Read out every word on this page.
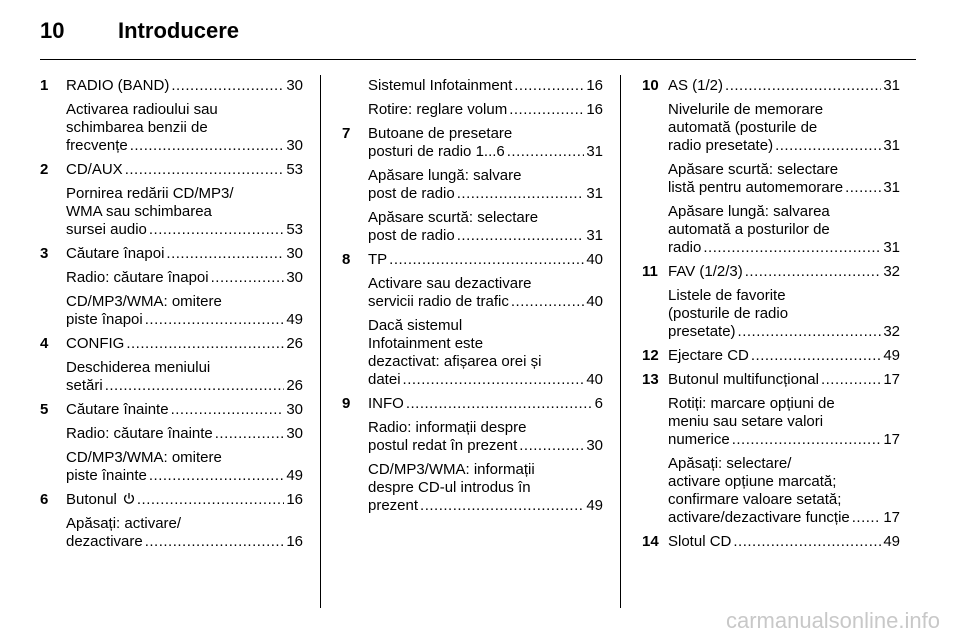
10 Introducere
1	RADIO (BAND) .....	30
Activarea radioului sau
schimbarea benzii de
frecvențe .....	30
2	CD/AUX .....	53
Pornirea redării CD/MP3/
WMA sau schimbarea
sursei audio .....	53
3	Căutare înapoi .....	30
Radio: căutare înapoi .....	30
CD/MP3/WMA: omitere
piste înapoi .....	49
4	CONFIG .....	26
Deschiderea meniului
setări .....	26
5	Căutare înainte .....	30
Radio: căutare înainte .....	30
CD/MP3/WMA: omitere
piste înainte .....	49
6	Butonul .....	16
Apăsați: activare/
dezactivare .....	16
Sistemul Infotainment .....	16
Rotire: reglare volum .....	16
7	Butoane de presetare
posturi de radio 1...6 .....	31
Apăsare lungă: salvare
post de radio .....	31
Apăsare scurtă: selectare
post de radio .....	31
8	TP .....	40
Activare sau dezactivare
servicii radio de trafic .....	40
Dacă sistemul
Infotainment este
dezactivat: afișarea orei și
datei .....	40
9	INFO .....	6
Radio: informații despre
postul redat în prezent .....	30
CD/MP3/WMA: informații
despre CD-ul introdus în
prezent .....	49
10 AS (1/2) .....	31
Nivelurile de memorare
automată (posturile de
radio presetate) .....	31
Apăsare scurtă: selectare
listă pentru automemorare .....	31
Apăsare lungă: salvarea
automată a posturilor de
radio .....	31
11 FAV (1/2/3) .....	32
Listele de favorite
(posturile de radio
presetate) .....	32
12 Ejectare CD .....	49
13 Butonul multifuncțional .....	17
Rotiți: marcare opțiuni de
meniu sau setare valori
numerice .....	17
Apăsați: selectare/
activare opțiune marcată;
confirmare valoare setată;
activare/dezactivare funcție ..... 17
14 Slotul CD .....	49
carmanualsonline.info
